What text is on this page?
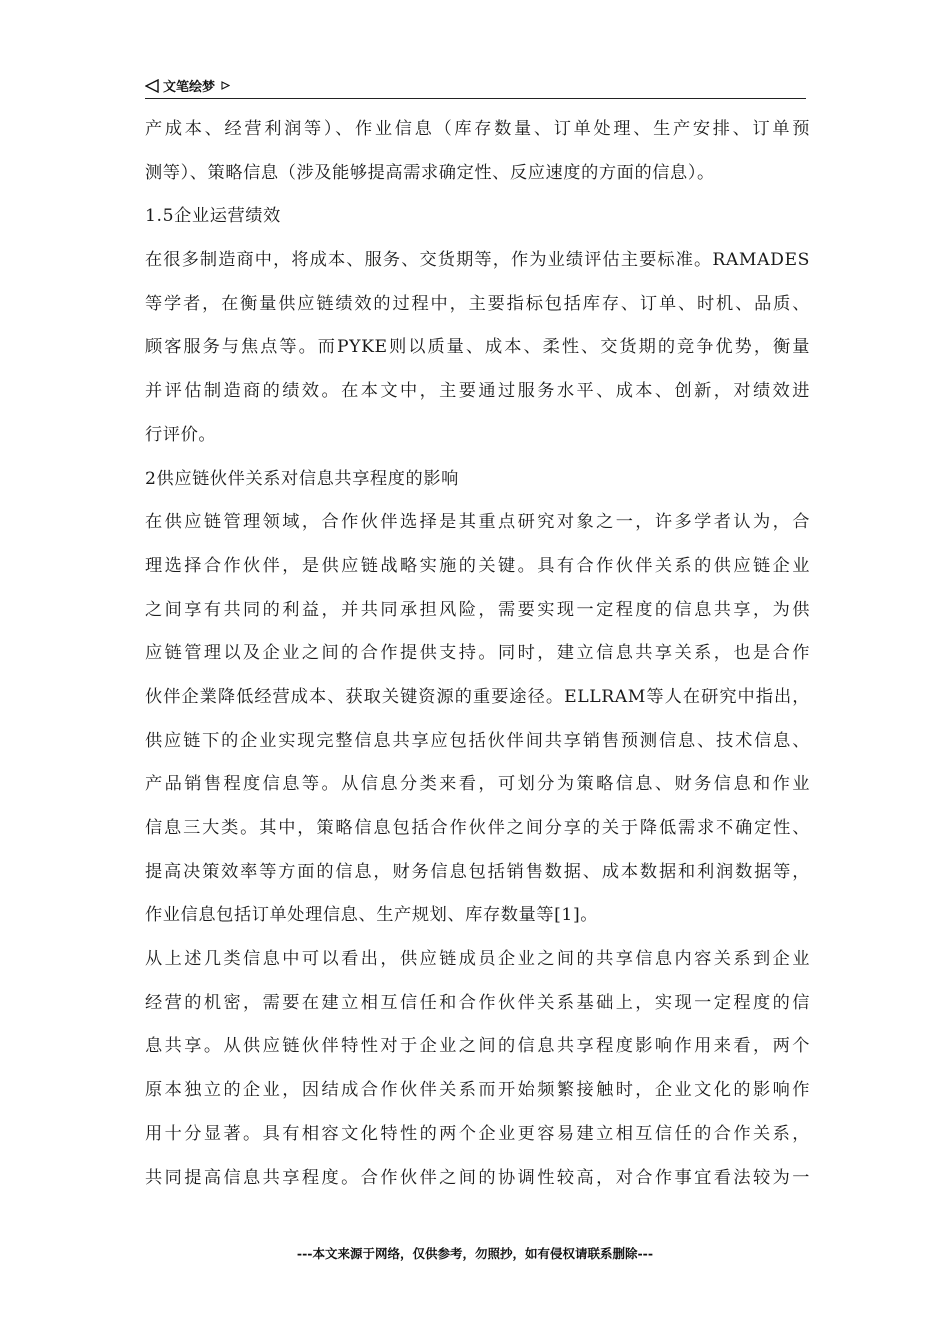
文笔绘梦
产成本、经营利润等）、作业信息（库存数量、订单处理、生产安排、订单预
测等）、策略信息（涉及能够提高需求确定性、反应速度的方面的信息）。
1.5企业运营绩效
在很多制造商中，将成本、服务、交货期等，作为业绩评估主要标准。RAMADES
等学者，在衡量供应链绩效的过程中，主要指标包括库存、订单、时机、品质、
顾客服务与焦点等。而PYKE则以质量、成本、柔性、交货期的竞争优势，衡量
并评估制造商的绩效。在本文中，主要通过服务水平、成本、创新，对绩效进
行评价。
2供应链伙伴关系对信息共享程度的影响
在供应链管理领域，合作伙伴选择是其重点研究对象之一，许多学者认为，合
理选择合作伙伴，是供应链战略实施的关键。具有合作伙伴关系的供应链企业
之间享有共同的利益，并共同承担风险，需要实现一定程度的信息共享，为供
应链管理以及企业之间的合作提供支持。同时，建立信息共享关系，也是合作
伙伴企業降低经营成本、获取关键资源的重要途径。ELLRAM等人在研究中指出，
供应链下的企业实现完整信息共享应包括伙伴间共享销售预测信息、技术信息、
产品销售程度信息等。从信息分类来看，可划分为策略信息、财务信息和作业
信息三大类。其中，策略信息包括合作伙伴之间分享的关于降低需求不确定性、
提高决策效率等方面的信息，财务信息包括销售数据、成本数据和利润数据等，
作业信息包括订单处理信息、生产规划、库存数量等[1]。
从上述几类信息中可以看出，供应链成员企业之间的共享信息内容关系到企业
经营的机密，需要在建立相互信任和合作伙伴关系基础上，实现一定程度的信
息共享。从供应链伙伴特性对于企业之间的信息共享程度影响作用来看，两个
原本独立的企业，因结成合作伙伴关系而开始频繁接触时，企业文化的影响作
用十分显著。具有相容文化特性的两个企业更容易建立相互信任的合作关系，
共同提高信息共享程度。合作伙伴之间的协调性较高，对合作事宜看法较为一
---本文来源于网络，仅供参考，勿照抄，如有侵权请联系删除---
